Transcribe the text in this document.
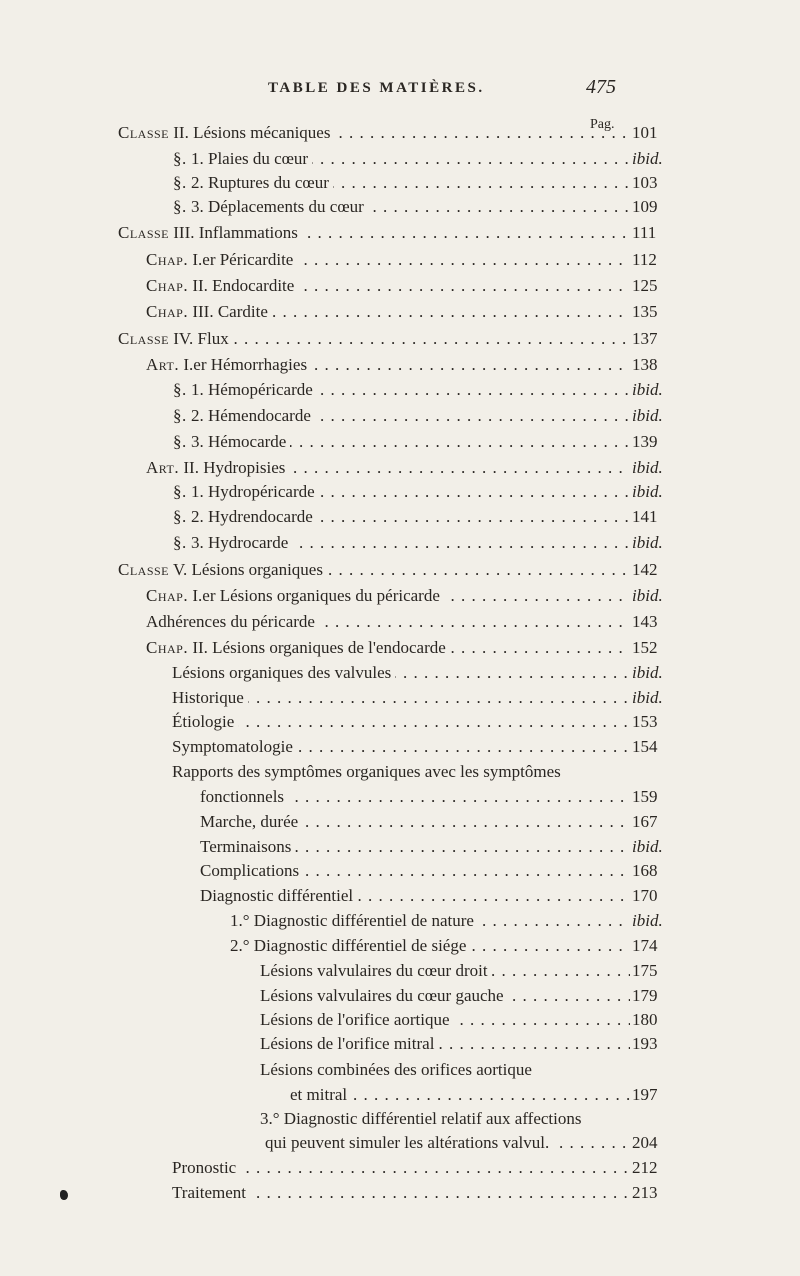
TABLE DES MATIÈRES.	475
Classe II. Lésions mécaniques . . .	Pag. 101
§. 1. Plaies du cœur . . .	ibid.
§. 2. Ruptures du cœur . . .	103
§. 3. Déplacements du cœur . . .	109
Classe III. Inflammations . . .	111
Chap. I.er Péricardite . . .	112
Chap. II. Endocardite . . .	125
Chap. III. Cardite . . .	135
Classe IV. Flux . . .	137
Art. I.er Hémorrhagies . . .	138
§. 1. Hémopéricarde . . .	ibid.
§. 2. Hémendocarde . . .	ibid.
§. 3. Hémocarde . . .	139
Art. II. Hydropisies . . .	ibid.
§. 1. Hydropéricarde . . .	ibid.
§. 2. Hydrendocarde . . .	141
§. 3. Hydrocarde . . .	ibid.
Classe V. Lésions organiques . . .	142
Chap. I.er Lésions organiques du péricarde . . .	ibid.
Adhérences du péricarde . . .	143
Chap. II. Lésions organiques de l'endocarde . . .	152
Lésions organiques des valvules . . .	ibid.
Historique . . .	ibid.
Étiologie . . .	153
Symptomatologie . . .	154
Rapports des symptômes organiques avec les symptômes
fonctionnels . . .	159
Marche, durée . . .	167
Terminaisons . . .	ibid.
Complications . . .	168
Diagnostic différentiel . . .	170
1.° Diagnostic différentiel de nature . . .	ibid.
2.° Diagnostic différentiel de siége . . .	174
Lésions valvulaires du cœur droit . . .	175
Lésions valvulaires du cœur gauche . . .	179
Lésions de l'orifice aortique . . .	180
Lésions de l'orifice mitral . . .	193
Lésions combinées des orifices aortique
et mitral . . .	197
3.° Diagnostic différentiel relatif aux affections
qui peuvent simuler les altérations valvul. . . .	204
Pronostic . . .	212
Traitement . . .	213
